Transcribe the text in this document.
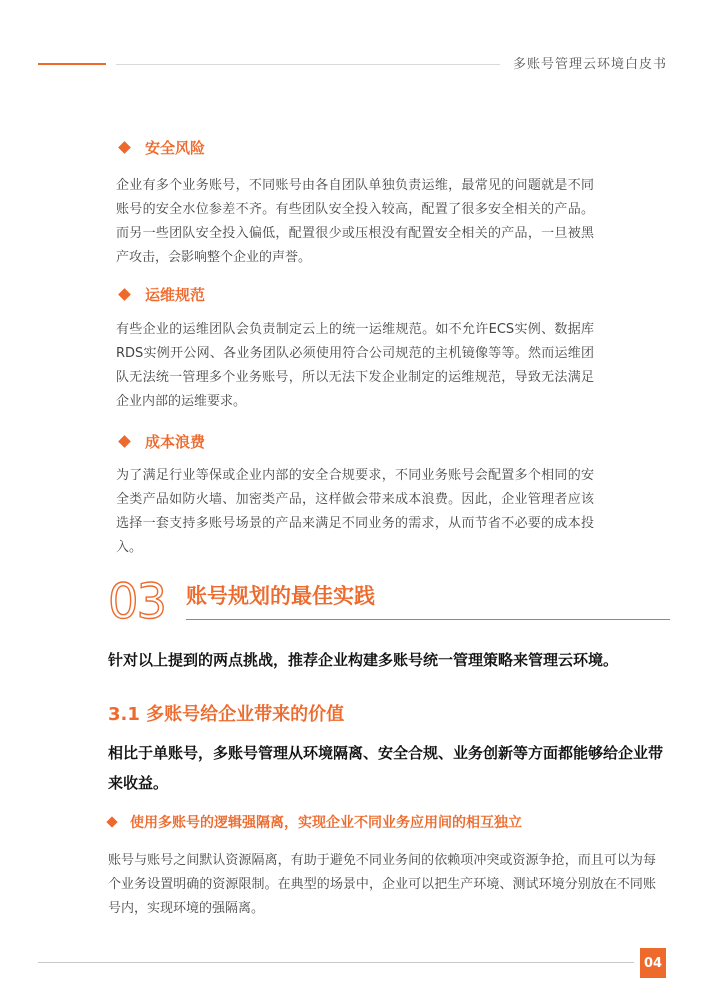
多账号管理云环境白皮书
安全风险

企业有多个业务账号，不同账号由各自团队单独负责运维，最常见的问题就是不同账号的安全水位参差不齐。有些团队安全投入较高，配置了很多安全相关的产品。而另一些团队安全投入偏低，配置很少或压根没有配置安全相关的产品，一旦被黑产攻击，会影响整个企业的声誉。

运维规范

有些企业的运维团队会负责制定云上的统一运维规范。如不允许ECS实例、数据库RDS实例开公网、各业务团队必须使用符合公司规范的主机镜像等等。然而运维团队无法统一管理多个业务账号，所以无法下发企业制定的运维规范，导致无法满足企业内部的运维要求。

成本浪费

为了满足行业等保或企业内部的安全合规要求，不同业务账号会配置多个相同的安全类产品如防火墙、加密类产品，这样做会带来成本浪费。因此，企业管理者应该选择一套支持多账号场景的产品来满足不同业务的需求，从而节省不必要的成本投入。

03 账号规划的最佳实践

针对以上提到的两点挑战，推荐企业构建多账号统一管理策略来管理云环境。

3.1 多账号给企业带来的价值

相比于单账号，多账号管理从环境隔离、安全合规、业务创新等方面都能够给企业带来收益。

使用多账号的逻辑强隔离，实现企业不同业务应用间的相互独立

账号与账号之间默认资源隔离，有助于避免不同业务间的依赖项冲突或资源争抢，而且可以为每个业务设置明确的资源限制。在典型的场景中，企业可以把生产环境、测试环境分别放在不同账号内，实现环境的强隔离。

04
